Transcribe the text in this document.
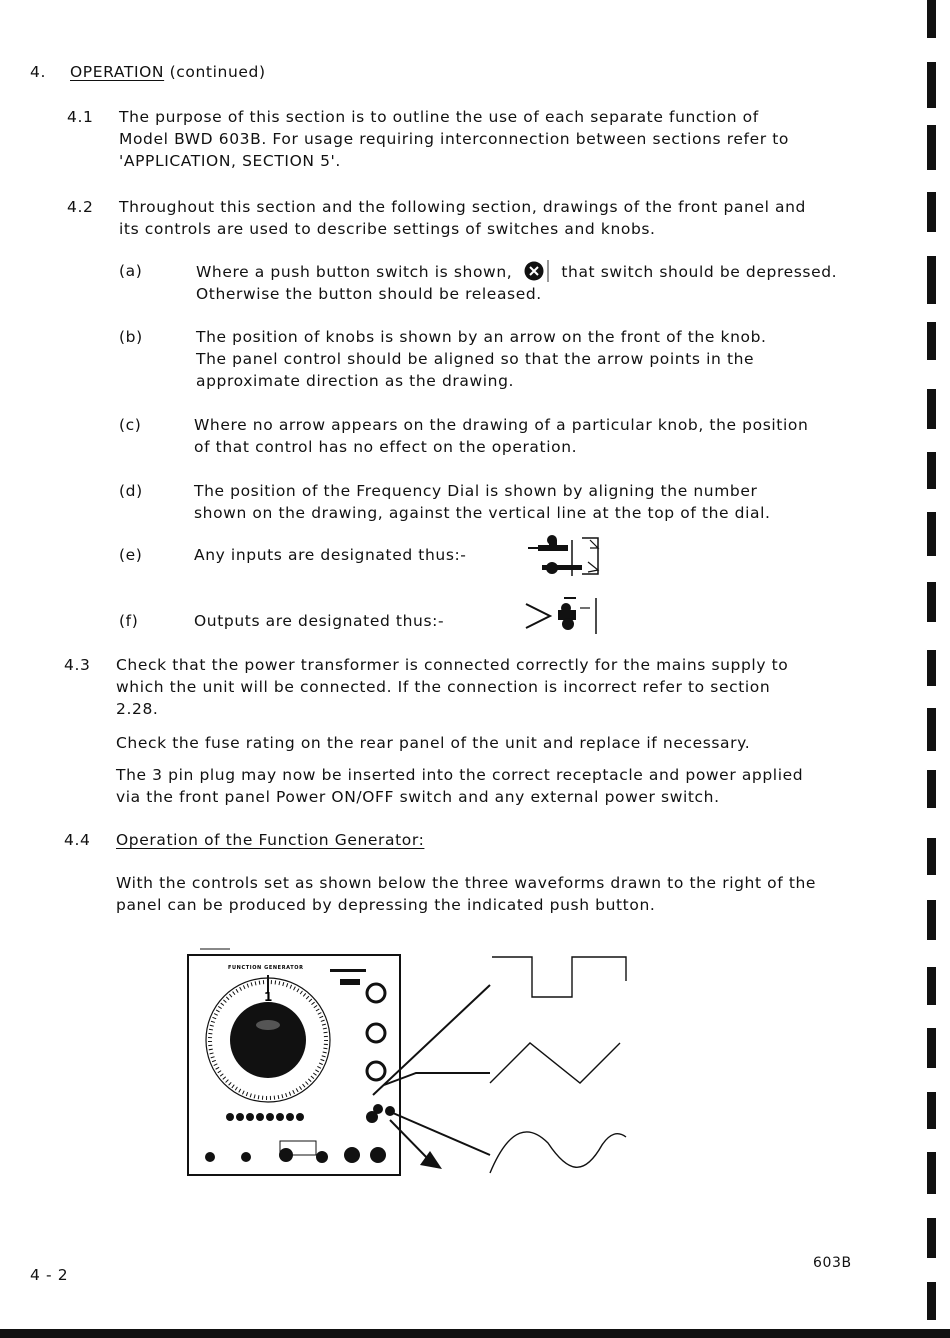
4. OPERATION (continued)
4.1 The purpose of this section is to outline the use of each separate function of
Model BWD 603B. For usage requiring interconnection between sections refer to
'APPLICATION, SECTION 5'.
4.2 Throughout this section and the following section, drawings of the front panel and
its controls are used to describe settings of switches and knobs.
(a)	Where a push button switch is shown,	that switch should be depressed.
Otherwise the button should be released.
(b)	The position of knobs is shown by an arrow on the front of the knob.
The panel control should be aligned so that the arrow points in the
approximate direction as the drawing.
(c)	Where no arrow appears on the drawing of a particular knob, the position
of that control has no effect on the operation.
(d)	The position of the Frequency Dial is shown by aligning the number
shown on the drawing, against the vertical line at the top of the dial.
(e)	Any inputs are designated thus:-
(f)	Outputs are designated thus:-
4.3 Check that the power transformer is connected correctly for the mains supply to
which the unit will be connected. If the connection is incorrect refer to section
2.28.
Check the fuse rating on the rear panel of the unit and replace if necessary.
The 3 pin plug may now be inserted into the correct receptacle and power applied
via the front panel Power ON/OFF switch and any external power switch.
4.4 Operation of the Function Generator:
With the controls set as shown below the three waveforms drawn to the right of the
panel can be produced by depressing the indicated push button.
FUNCTION GENERATOR
1
4 - 2
603B
